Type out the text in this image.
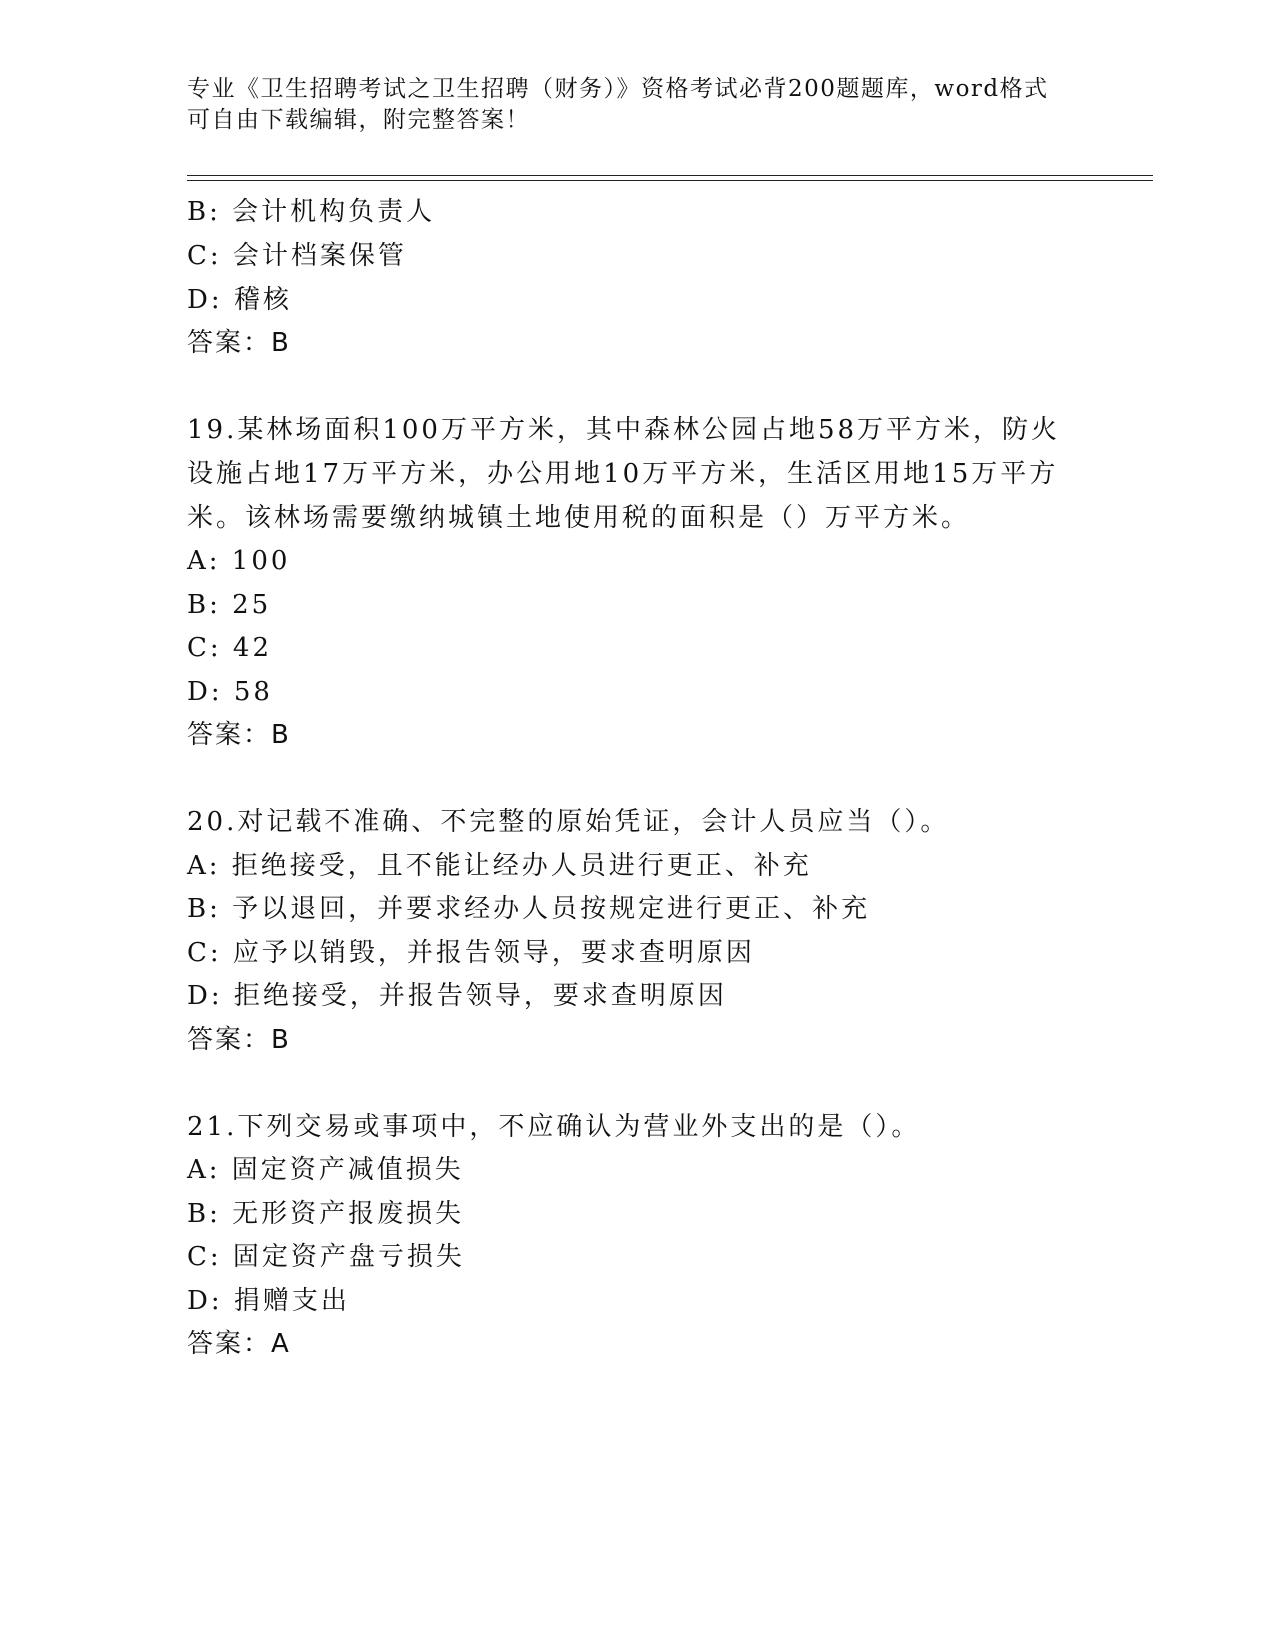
专业《卫生招聘考试之卫生招聘（财务）》资格考试必背200题题库，word格式
可自由下载编辑，附完整答案！
B: 会计机构负责人
C: 会计档案保管
D: 稽核
答案：B
19.某林场面积100万平方米，其中森林公园占地58万平方米，防火
设施占地17万平方米，办公用地10万平方米，生活区用地15万平方
米。该林场需要缴纳城镇土地使用税的面积是（）万平方米。
A: 100
B: 25
C: 42
D: 58
答案：B
20.对记载不准确、不完整的原始凭证，会计人员应当（）。
A: 拒绝接受，且不能让经办人员进行更正、补充
B: 予以退回，并要求经办人员按规定进行更正、补充
C: 应予以销毁，并报告领导，要求查明原因
D: 拒绝接受，并报告领导，要求查明原因
答案：B
21.下列交易或事项中，不应确认为营业外支出的是（）。
A: 固定资产减值损失
B: 无形资产报废损失
C: 固定资产盘亏损失
D: 捐赠支出
答案：A
